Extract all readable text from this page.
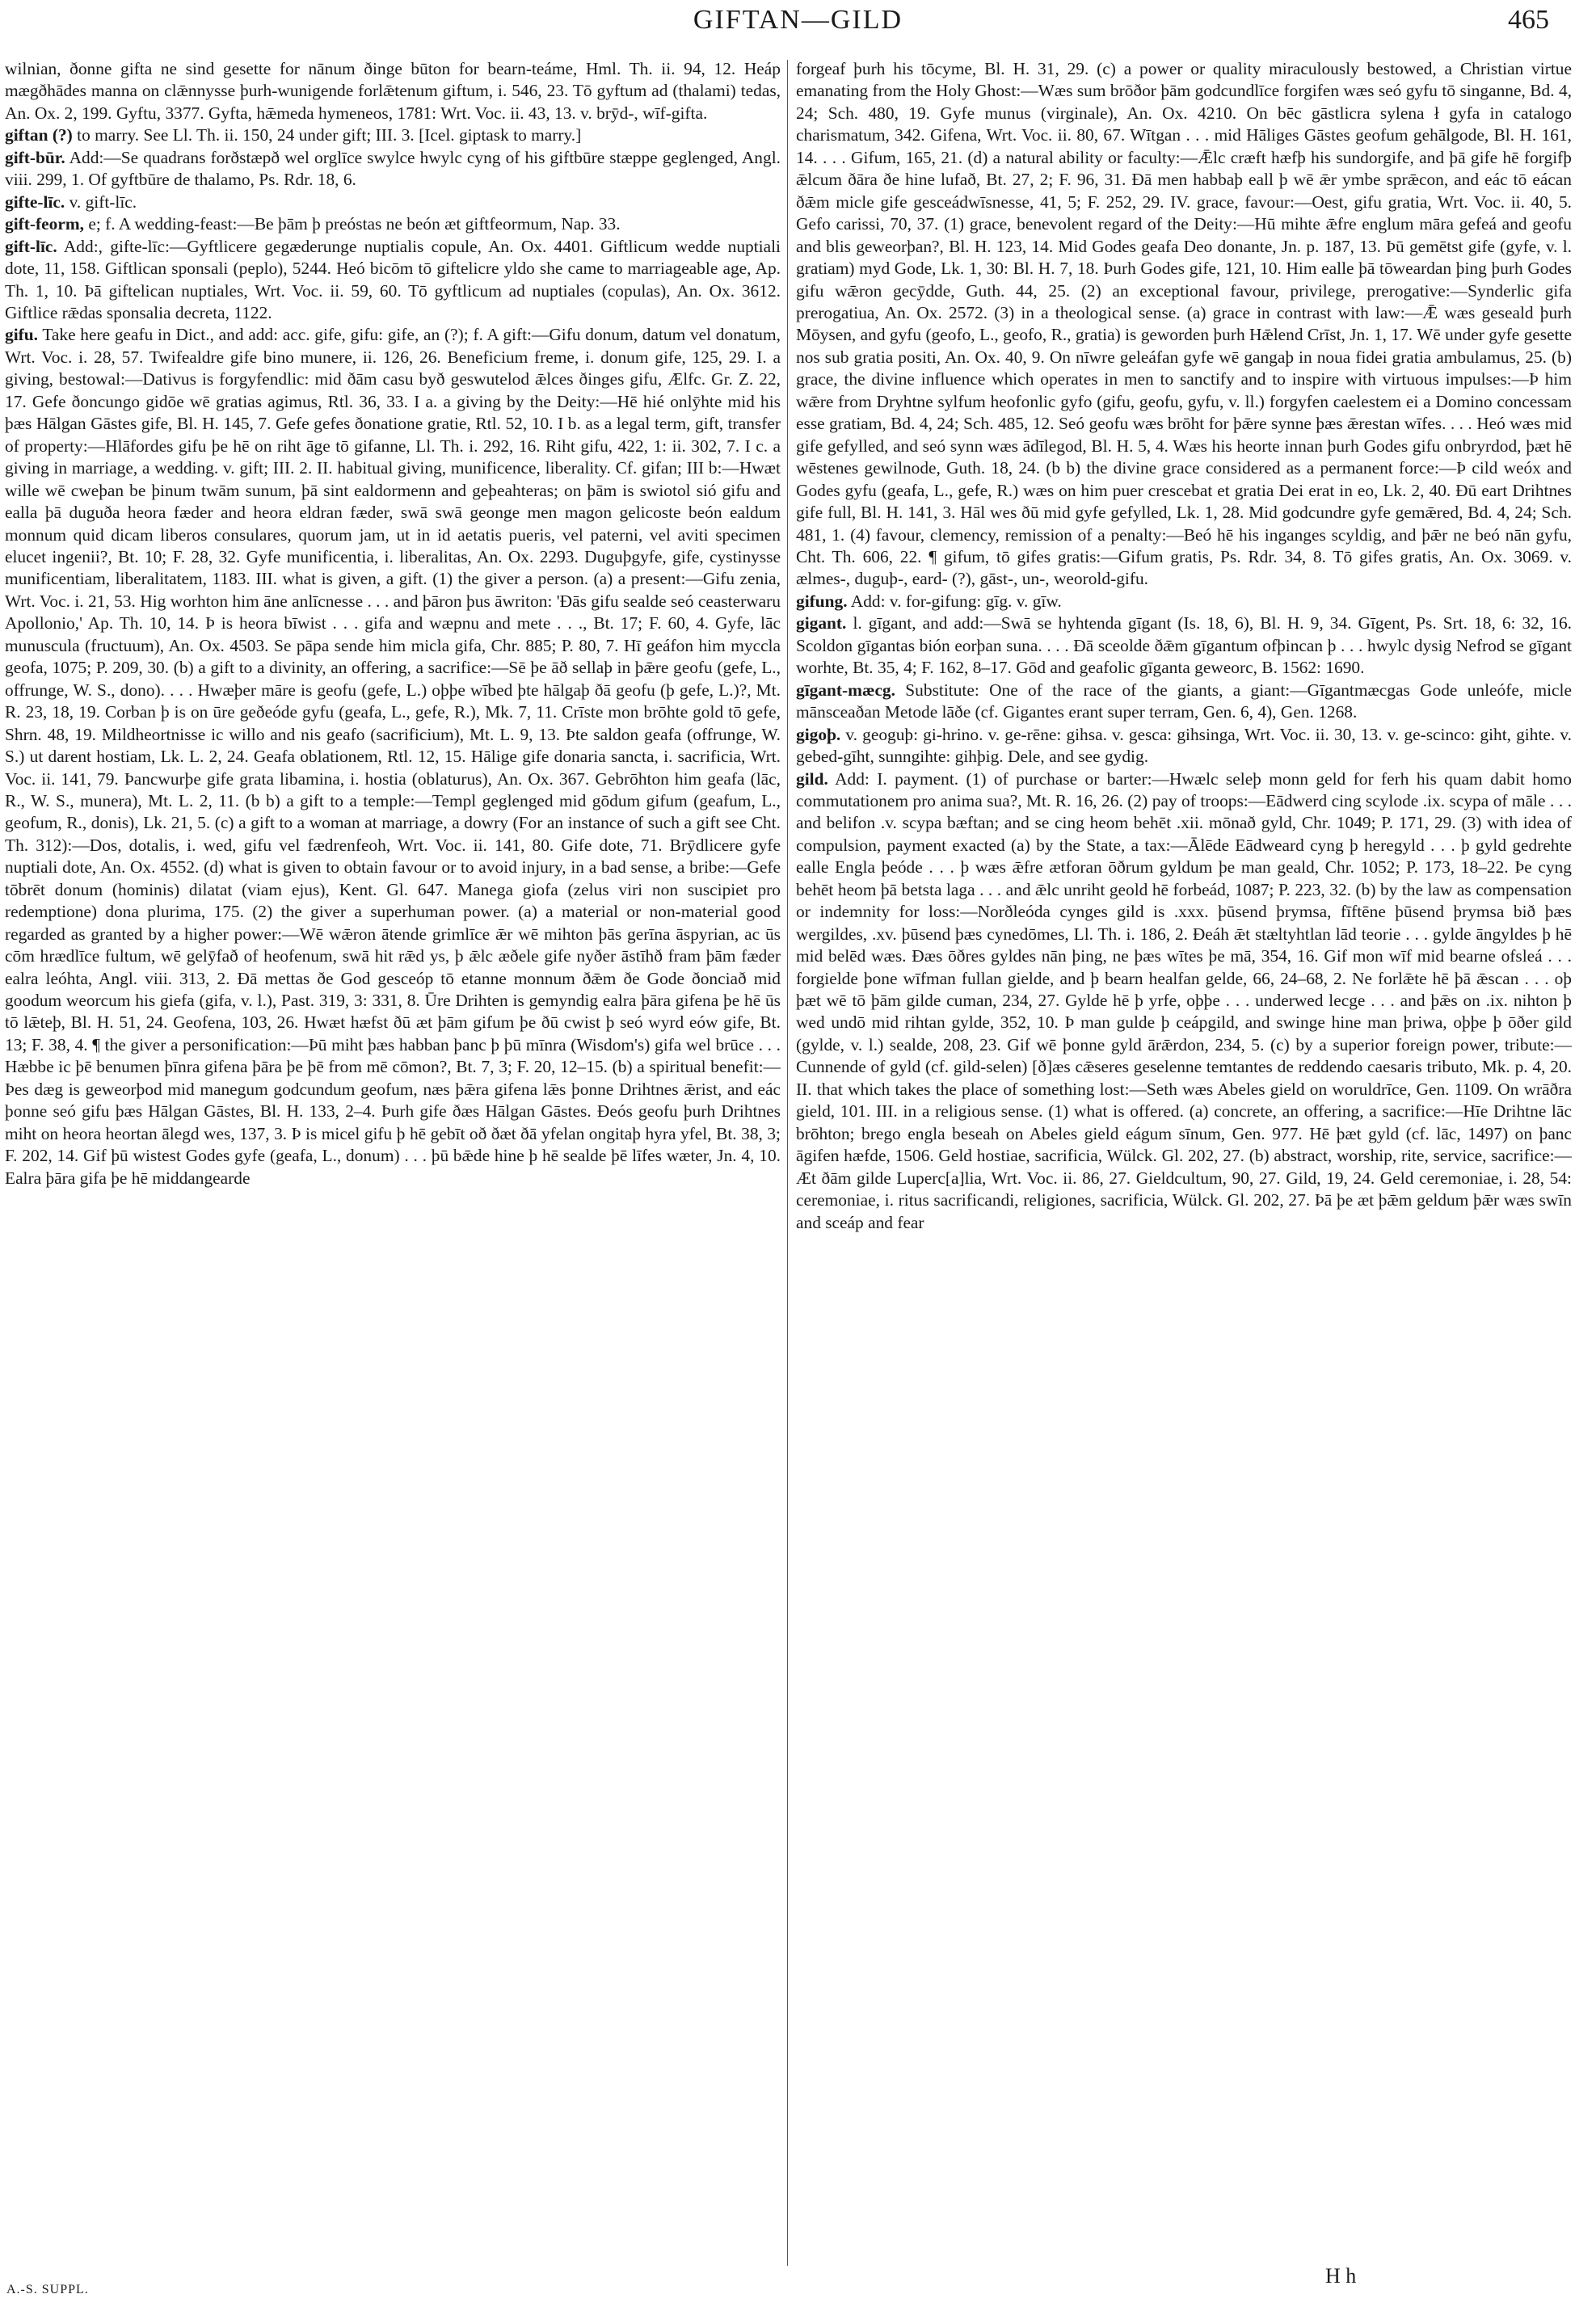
GIFTAN—GILD	465

wilnian, ðonne gifta ne sind gesette for nānum ðinge būton for bearn-teáme, Hml. Th. ii. 94, 12. Heáp mægðhādes manna on clǣnnysse þurh-wunigende forlǣtenum giftum, i. 546, 23. Tō gyftum ad (thalami) tedas, An. Ox. 2, 199. Gyftu, 3377. Gyfta, hǣmeda hymeneos, 1781: Wrt. Voc. ii. 43, 13. v. brȳd-, wīf-gifta.

giftan (?) to marry. See Ll. Th. ii. 150, 24 under gift; III. 3. [Icel. giptask to marry.]

gift-būr. Add:—Se quadrans forðstæpð wel orglīce swylce hwylc cyng of his giftbūre stæppe geglenged, Angl. viii. 299, 1. Of gyftbūre de thalamo, Ps. Rdr. 18, 6.

gifte-līc. v. gift-līc.

gift-feorm, e; f. A wedding-feast:—Be þām þ preóstas ne beón æt giftfeormum, Nap. 33.

gift-līc. Add:, gifte-līc:—Gyftlicere gegæderunge nuptialis copule, An. Ox. 4401. Giftlicum wedde nuptiali dote, 11, 158. Giftlican sponsali (peplo), 5244. Heó bicōm tō giftelicre yldo she came to marriageable age, Ap. Th. 1, 10. Þā giftelican nuptiales, Wrt. Voc. ii. 59, 60. Tō gyftlicum ad nuptiales (copulas), An. Ox. 3612. Giftlice rǣdas sponsalia decreta, 1122.

gifu. Take here geafu in Dict., and add: acc. gife, gifu: gife, an (?); f. A gift:—Gifu donum, datum vel donatum, Wrt. Voc. i. 28, 57. Twifealdre gife bino munere, ii. 126, 26. Beneficium freme, i. donum gife, 125, 29. I. a giving, bestowal:—Dativus is forgyfendlic: mid ðām casu byð geswutelod ǣlces ðinges gifu, Ælfc. Gr. Z. 22, 17. Gefe ðoncungo gidōe wē gratias agimus, Rtl. 36, 33. I a. a giving by the Deity:—Hē hié onlȳhte mid his þæs Hālgan Gāstes gife, Bl. H. 145, 7. Gefe gefes ðonatione gratie, Rtl. 52, 10. I b. as a legal term, gift, transfer of property:—Hlāfordes gifu þe hē on riht āge tō gifanne, Ll. Th. i. 292, 16. Riht gifu, 422, 1: ii. 302, 7. I c. a giving in marriage, a wedding. v. gift; III. 2. II. habitual giving, munificence, liberality. Cf. gifan; III b:—Hwæt wille wē cweþan be þinum twām sunum, þā sint ealdormenn and geþeahteras; on þām is swiotol sió gifu and ealla þā duguða heora fæder and heora eldran fæder, swā swā geonge men magon gelicoste beón ealdum monnum quid dicam liberos consulares, quorum jam, ut in id aetatis pueris, vel paterni, vel aviti specimen elucet ingenii?, Bt. 10; F. 28, 32. Gyfe munificentia, i. liberalitas, An. Ox. 2293. Duguþgyfe, gife, cystinysse munificentiam, liberalitatem, 1183. III. what is given, a gift. (1) the giver a person. (a) a present:—Gifu zenia, Wrt. Voc. i. 21, 53. Hig worhton him āne anlīcnesse . . . and þāron þus āwriton: 'Ðās gifu sealde seó ceasterwaru Apollonio,' Ap. Th. 10, 14. Þ is heora bīwist . . . gifa and wæpnu and mete . . ., Bt. 17; F. 60, 4. Gyfe, lāc munuscula (fructuum), An. Ox. 4503. Se pāpa sende him micla gifa, Chr. 885; P. 80, 7. Hī geáfon him myccla geofa, 1075; P. 209, 30. (b) a gift to a divinity, an offering, a sacrifice:—Sē þe āð sellaþ in þǣre geofu (gefe, L., offrunge, W. S., dono). . . . Hwæþer māre is geofu (gefe, L.) oþþe wībed þte hālgaþ ðā geofu (þ gefe, L.)?, Mt. R. 23, 18, 19. Corban þ is on ūre geðeóde gyfu (geafa, L., gefe, R.), Mk. 7, 11. Crīste mon brōhte gold tō gefe, Shrn. 48, 19. Mildheortnisse ic willo and nis geafo (sacrificium), Mt. L. 9, 13. Þte saldon geafa (offrunge, W. S.) ut darent hostiam, Lk. L. 2, 24. Geafa oblationem, Rtl. 12, 15. Hālige gife donaria sancta, i. sacrificia, Wrt. Voc. ii. 141, 79. Þancwurþe gife grata libamina, i. hostia (oblaturus), An. Ox. 367. Gebrōhton him geafa (lāc, R., W. S., munera), Mt. L. 2, 11. (b b) a gift to a temple:—Templ geglenged mid gōdum gifum (geafum, L., geofum, R., donis), Lk. 21, 5. (c) a gift to a woman at marriage, a dowry (For an instance of such a gift see Cht. Th. 312):—Dos, dotalis, i. wed, gifu vel fædrenfeoh, Wrt. Voc. ii. 141, 80. Gife dote, 71. Brȳdlicere gyfe nuptiali dote, An. Ox. 4552. (d) what is given to obtain favour or to avoid injury, in a bad sense, a bribe:—Gefe tōbrēt donum (hominis) dilatat (viam ejus), Kent. Gl. 647. Manega giofa (zelus viri non suscipiet pro redemptione) dona plurima, 175. (2) the giver a superhuman power. (a) a material or non-material good regarded as granted by a higher power:—Wē wǣron ātende grimlīce ǣr wē mihton þās gerīna āspyrian, ac ūs cōm hrædlīce fultum, wē gelȳfað of heofenum, swā hit rǣd ys, þ ǣlc æðele gife nyðer āstīhð fram þām fæder ealra leóhta, Angl. viii. 313, 2. Ðā mettas ðe God gesceóp tō etanne monnum ðǣm ðe Gode ðonciað mid goodum weorcum his giefa (gifa, v. l.), Past. 319, 3: 331, 8. Ūre Drihten is gemyndig ealra þāra gifena þe hē ūs tō lǣteþ, Bl. H. 51, 24. Geofena, 103, 26. Hwæt hæfst ðū æt þām gifum þe ðū cwist þ seó wyrd eów gife, Bt. 13; F. 38, 4. ¶ the giver a personification:—Þū miht þæs habban þanc þ þū mīnra (Wisdom's) gifa wel brūce . . . Hæbbe ic þē benumen þīnra gifena þāra þe þē from mē cōmon?, Bt. 7, 3; F. 20, 12–15. (b) a spiritual benefit:—Þes dæg is geweorþod mid manegum godcundum geofum, næs þǣra gifena lǣs þonne Drihtnes ǣrist, and eác þonne seó gifu þæs Hālgan Gāstes, Bl. H. 133, 2–4. Þurh gife ðæs Hālgan Gāstes. Ðeós geofu þurh Drihtnes miht on heora heortan ālegd wes, 137, 3. Þ is micel gifu þ hē gebīt oð ðæt ðā yfelan ongitaþ hyra yfel, Bt. 38, 3; F. 202, 14. Gif þū wistest Godes gyfe (geafa, L., donum) . . . þū bǣde hine þ hē sealde þē līfes wæter, Jn. 4, 10. Ealra þāra gifa þe hē middangearde

forgeaf þurh his tōcyme, Bl. H. 31, 29. (c) a power or quality miraculously bestowed, a Christian virtue emanating from the Holy Ghost:—Wæs sum brōðor þām godcundlīce forgifen wæs seó gyfu tō singanne, Bd. 4, 24; Sch. 480, 19. Gyfe munus (virginale), An. Ox. 4210. On bēc gāstlicra sylena ł gyfa in catalogo charismatum, 342. Gifena, Wrt. Voc. ii. 80, 67. Wītgan . . . mid Hāliges Gāstes geofum gehālgode, Bl. H. 161, 14. . . . Gifum, 165, 21. (d) a natural ability or faculty:—Ǣlc cræft hæfþ his sundorgife, and þā gife hē forgifþ ǣlcum ðāra ðe hine lufað, Bt. 27, 2; F. 96, 31. Ðā men habbaþ eall þ wē ǣr ymbe sprǣcon, and eác tō eácan ðǣm micle gife gesceádwīsnesse, 41, 5; F. 252, 29. IV. grace, favour:—Oest, gifu gratia, Wrt. Voc. ii. 40, 5. Gefo carissi, 70, 37. (1) grace, benevolent regard of the Deity:—Hū mihte ǣfre englum māra gefeá and geofu and blis geweorþan?, Bl. H. 123, 14. Mid Godes geafa Deo donante, Jn. p. 187, 13. Þū gemētst gife (gyfe, v. l. gratiam) myd Gode, Lk. 1, 30: Bl. H. 7, 18. Þurh Godes gife, 121, 10. Him ealle þā tōweardan þing þurh Godes gifu wǣron gecȳdde, Guth. 44, 25. (2) an exceptional favour, privilege, prerogative:—Synderlic gifa prerogatiua, An. Ox. 2572. (3) in a theological sense. (a) grace in contrast with law:—Ǣ wæs geseald þurh Mōysen, and gyfu (geofo, L., geofo, R., gratia) is geworden þurh Hǣlend Crīst, Jn. 1, 17. Wē under gyfe gesette nos sub gratia positi, An. Ox. 40, 9. On nīwre geleáfan gyfe wē gangaþ in noua fidei gratia ambulamus, 25. (b) grace, the divine influence which operates in men to sanctify and to inspire with virtuous impulses:—Þ him wǣre from Dryhtne sylfum heofonlic gyfo (gifu, geofu, gyfu, v. ll.) forgyfen caelestem ei a Domino concessam esse gratiam, Bd. 4, 24; Sch. 485, 12. Seó geofu wæs brōht for þǣre synne þæs ǣrestan wīfes. . . . Heó wæs mid gife gefylled, and seó synn wæs ādīlegod, Bl. H. 5, 4. Wæs his heorte innan þurh Godes gifu onbryrdod, þæt hē wēstenes gewilnode, Guth. 18, 24. (b b) the divine grace considered as a permanent force:—Þ cild weóx and Godes gyfu (geafa, L., gefe, R.) wæs on him puer crescebat et gratia Dei erat in eo, Lk. 2, 40. Ðū eart Drihtnes gife full, Bl. H. 141, 3. Hāl wes ðū mid gyfe gefylled, Lk. 1, 28. Mid godcundre gyfe gemǣred, Bd. 4, 24; Sch. 481, 1. (4) favour, clemency, remission of a penalty:—Beó hē his inganges scyldig, and þǣr ne beó nān gyfu, Cht. Th. 606, 22. ¶ gifum, tō gifes gratis:—Gifum gratis, Ps. Rdr. 34, 8. Tō gifes gratis, An. Ox. 3069. v. ælmes-, duguþ-, eard- (?), gāst-, un-, weorold-gifu.

gifung. Add: v. for-gifung: gīg. v. gīw.

gigant. l. gīgant, and add:—Swā se hyhtenda gīgant (Is. 18, 6), Bl. H. 9, 34. Gīgent, Ps. Srt. 18, 6: 32, 16. Scoldon gīgantas bión eorþan suna. . . . Ðā sceolde ðǣm gīgantum ofþincan þ . . . hwylc dysig Nefrod se gīgant worhte, Bt. 35, 4; F. 162, 8–17. Gōd and geafolic gīganta geweorc, B. 1562: 1690.

gīgant-mæcg. Substitute: One of the race of the giants, a giant:—Gīgantmæcgas Gode unleófe, micle mānsceaðan Metode lāðe (cf. Gigantes erant super terram, Gen. 6, 4), Gen. 1268.

gigoþ. v. geoguþ: gi-hrino. v. ge-rēne: gihsa. v. gesca: gihsinga, Wrt. Voc. ii. 30, 13. v. ge-scinco: giht, gihte. v. gebed-gīht, sunngihte: gihþig. Dele, and see gydig.

gild. Add: I. payment. (1) of purchase or barter:—Hwælc seleþ monn geld for ferh his quam dabit homo commutationem pro anima sua?, Mt. R. 16, 26. (2) pay of troops:—Eādwerd cing scylode .ix. scypa of māle . . . and belifon .v. scypa bæftan; and se cing heom behēt .xii. mōnað gyld, Chr. 1049; P. 171, 29. (3) with idea of compulsion, payment exacted (a) by the State, a tax:—Ālēde Eādweard cyng þ heregyld . . . þ gyld gedrehte ealle Engla þeóde . . . þ wæs ǣfre ætforan ōðrum gyldum þe man geald, Chr. 1052; P. 173, 18–22. Þe cyng behēt heom þā betsta laga . . . and ǣlc unriht geold hē forbeád, 1087; P. 223, 32. (b) by the law as compensation or indemnity for loss:—Norðleóda cynges gild is .xxx. þūsend þrymsa, fīftēne þūsend þrymsa bið þæs wergildes, .xv. þūsend þæs cynedōmes, Ll. Th. i. 186, 2. Ðeáh ǣt stæltyhtlan lād teorie . . . gylde āngyldes þ hē mid belēd wæs. Ðæs ōðres gyldes nān þing, ne þæs wītes þe mā, 354, 16. Gif mon wīf mid bearne ofsleá . . . forgielde þone wīfman fullan gielde, and þ bearn healfan gelde, 66, 24–68, 2. Ne forlǣte hē þā ǣscan . . . oþ þæt wē tō þām gilde cuman, 234, 27. Gylde hē þ yrfe, oþþe . . . underwed lecge . . . and þǣs on .ix. nihton þ wed undō mid rihtan gylde, 352, 10. Þ man gulde þ ceápgild, and swinge hine man þriwa, oþþe þ ōðer gild (gylde, v. l.) sealde, 208, 23. Gif wē þonne gyld ārǣrdon, 234, 5. (c) by a superior foreign power, tribute:—Cunnende of gyld (cf. gild-selen) [ð]æs cǣseres geselenne temtantes de reddendo caesaris tributo, Mk. p. 4, 20. II. that which takes the place of something lost:—Seth wæs Abeles gield on woruldrīce, Gen. 1109. On wrāðra gield, 101. III. in a religious sense. (1) what is offered. (a) concrete, an offering, a sacrifice:—Hīe Drihtne lāc brōhton; brego engla beseah on Abeles gield eágum sīnum, Gen. 977. Hē þæt gyld (cf. lāc, 1497) on þanc āgifen hæfde, 1506. Geld hostiae, sacrificia, Wülck. Gl. 202, 27. (b) abstract, worship, rite, service, sacrifice:—Æt ðām gilde Luperc[a]lia, Wrt. Voc. ii. 86, 27. Gieldcultum, 90, 27. Gild, 19, 24. Geld ceremoniae, i. 28, 54: ceremoniae, i. ritus sacrificandi, religiones, sacrificia, Wülck. Gl. 202, 27. Þā þe æt þǣm geldum þǣr wæs swīn and sceáp and fear

A.-S. SUPPL.
H h
